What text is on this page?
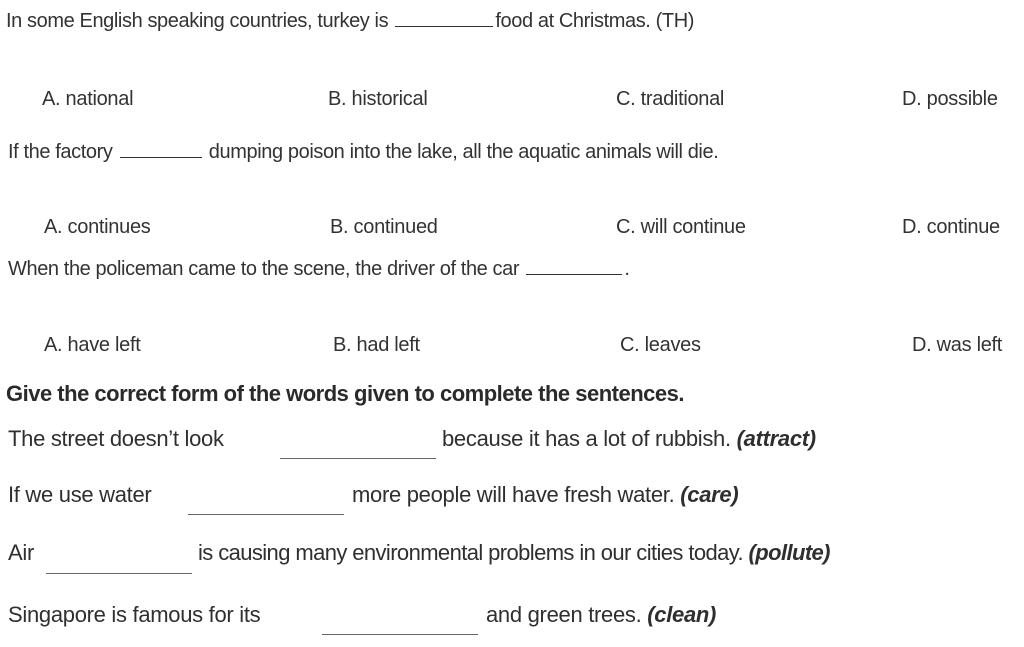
In some English speaking countries, turkey is	food at Christmas. (TH)
A. national	B. historical	C. traditional	D. possible
If the factory	dumping poison into the lake, all the aquatic animals will die.
A. continues	B. continued	C. will continue	D. continue
When the policeman came to the scene, the driver of the car	.
A. have left	B. had left	C. leaves	D. was left
Give the correct form of the words given to complete the sentences.
The street doesn’t look	because it has a lot of rubbish. (attract)
If we use water	more people will have fresh water. (care)
Air	is causing many environmental problems in our cities today. (pollute)
Singapore is famous for its	and green trees. (clean)
